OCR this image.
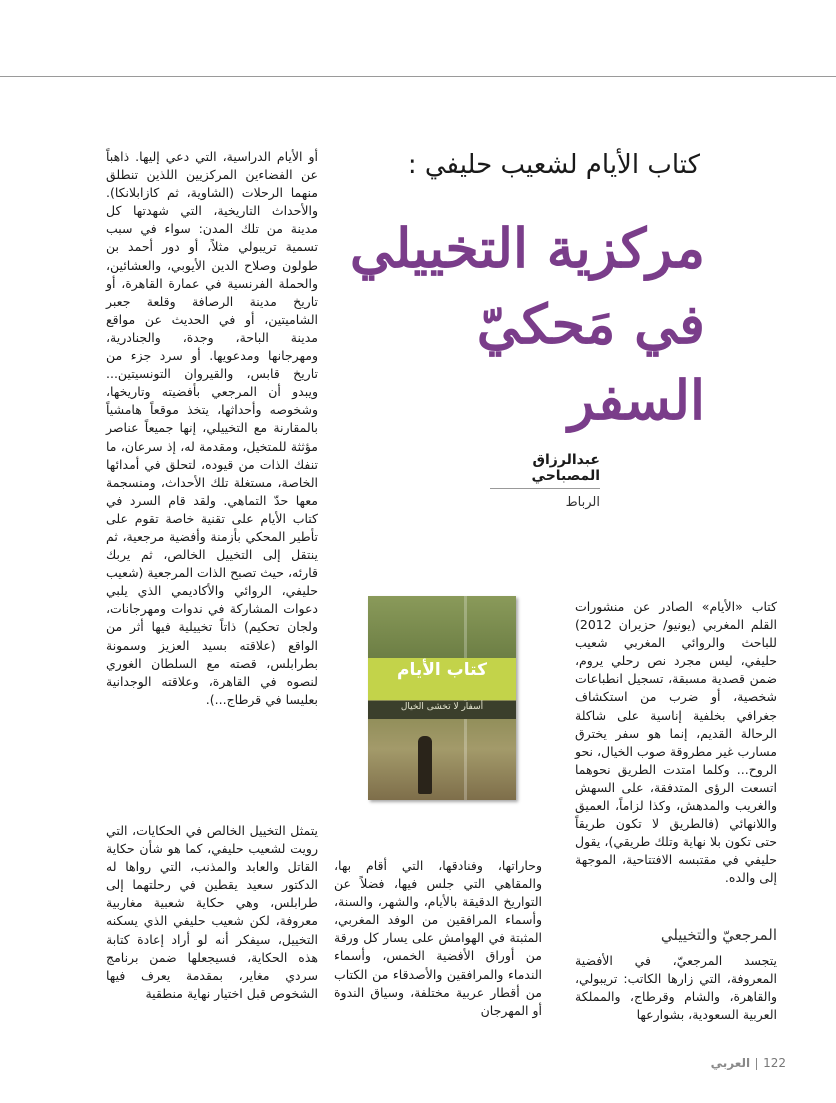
كتاب الأيام لشعيب حليفي :
مركزية التخييلي
في مَحكيّ السفر
عبدالرزاق المصباحي
الرباط
كتاب الأيام
أسفار لا تخشى الخيال

كتاب «الأيام» الصادر عن منشورات القلم المغربي (يونيو/ حزيران 2012) للباحث والروائي المغربي شعيب حليفي، ليس مجرد نص رحلي يروم، ضمن قصدية مسبقة، تسجيل انطباعات شخصية، أو ضرب من استكشاف جغرافي بخلفية إناسية على شاكلة الرحالة القديم، إنما هو سفر يخترق مسارب غير مطروقة صوب الخيال، نحو الروح... وكلما امتدت الطريق نحوهما اتسعت الرؤى المتدفقة، على السهش والغريب والمدهش، وكذا لزاماً، العميق واللانهائي (فالطريق لا تكون طريقاً حتى تكون بلا نهاية وتلك طريقي)، يقول حليفي في مقتبسه الافتتاحية، الموجهة إلى والده.

المرجعيّ والتخييلي

يتجسد المرجعيّ، في الأفضية المعروفة، التي زارها الكاتب: تريبولي، والقاهرة، والشام وقرطاج، والمملكة العربية السعودية، بشوارعها

وحاراتها، وفنادقها، التي أقام بها، والمقاهي التي جلس فيها، فضلاً عن التواريخ الدقيقة بالأيام، والشهر، والسنة، وأسماء المرافقين من الوفد المغربي، المثبتة في الهوامش على يسار كل ورقة من أوراق الأفضية الخمس، وأسماء الندماء والمرافقين والأصدقاء من الكتاب من أقطار عربية مختلفة، وسياق الندوة أو المهرجان

أو الأيام الدراسية، التي دعي إليها. ذاهباً عن الفضاءين المركزيين اللذين تنطلق منهما الرحلات (الشاوية، ثم كازابلانكا). والأحداث التاريخية، التي شهدتها كل مدينة من تلك المدن: سواء في سبب تسمية تريبولي مثلاً، أو دور أحمد بن طولون وصلاح الدين الأيوبي، والعشائين، والحملة الفرنسية في عمارة القاهرة، أو تاريخ مدينة الرصافة وقلعة جعبر الشاميتين، أو في الحديث عن مواقع مدينة الباحة، وجدة، والجنادرية، ومهرجانها ومدعويها. أو سرد جزء من تاريخ قابس، والقيروان التونسيتين... ويبدو أن المرجعي بأفضيته وتاريخها، وشخوصه وأحداثها، يتخذ موقعاً هامشياً بالمقارنة مع التخييلي، إنها جميعاً عناصر مؤثثة للمتخيل، ومقدمة له، إذ سرعان، ما تنفك الذات من قيوده، لتحلق في أمدائها الخاصة، مستغلة تلك الأحداث، ومنسجمة معها حدّ التماهي. ولقد قام السرد في كتاب الأيام على تقنية خاصة تقوم على تأطير المحكي بأزمنة وأفضية مرجعية، ثم ينتقل إلى التخييل الخالص، ثم يربك قارئه، حيث تصبح الذات المرجعية (شعيب حليفي، الروائي والأكاديمي الذي يلبي دعوات المشاركة في ندوات ومهرجانات، ولجان تحكيم) ذاتاً تخييلية فيها أثر من الواقع (علاقته بسيد العزيز وسمونة بطرابلس، قصته مع السلطان الغوري لنصوه في القاهرة، وعلاقته الوجدانية بعليسا في قرطاج...).

يتمثل التخييل الخالص في الحكايات، التي رويت لشعيب حليفي، كما هو شأن حكاية القاتل والعابد والمذنب، التي رواها له الدكتور سعيد يقطين في رحلتهما إلى طرابلس، وهي حكاية شعبية مغاربية معروفة، لكن شعيب حليفي الذي يسكنه التخييل، سيفكر أنه لو أراد إعادة كتابة هذه الحكاية، فسيجعلها ضمن برنامج سردي مغاير، بمقدمة يعرف فيها الشخوص قبل اختيار نهاية منطقية

122العربي
